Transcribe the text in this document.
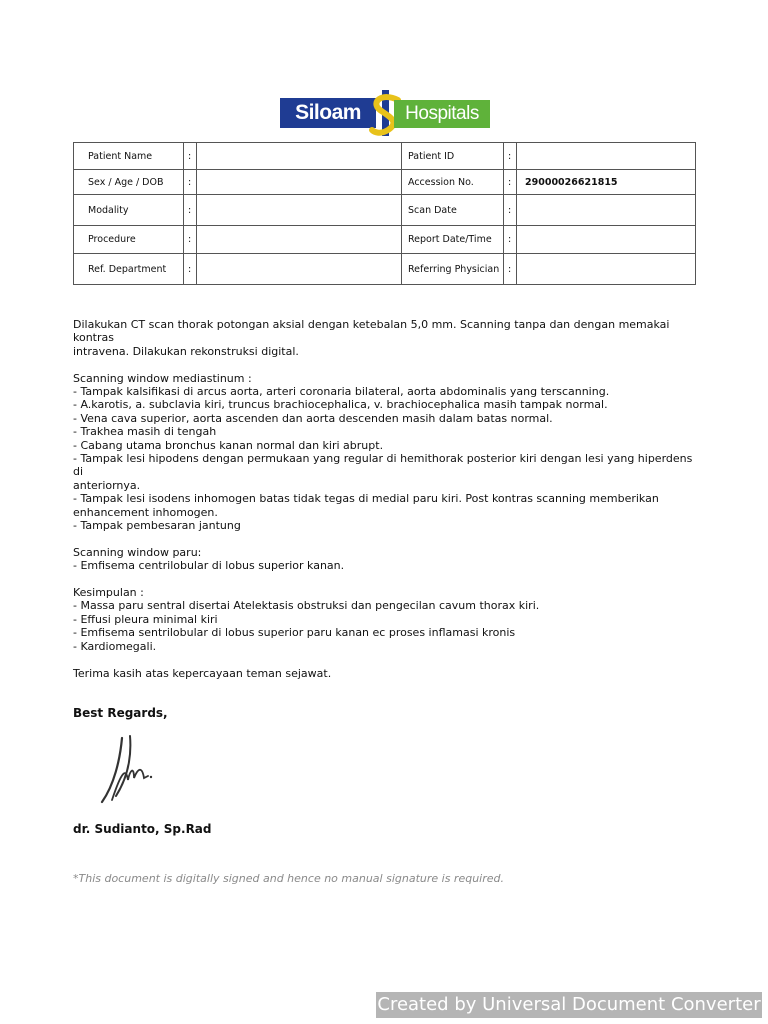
Siloam	Hospitals
Patient Name	:		Patient ID	:	
Sex / Age / DOB	:		Accession No.	:	29000026621815
Modality	:		Scan Date	:	
Procedure	:		Report Date/Time	:	
Ref. Department	:		Referring Physician	:	

Dilakukan CT scan thorak potongan aksial dengan ketebalan 5,0 mm. Scanning tanpa dan dengan memakai kontras
intravena. Dilakukan rekonstruksi digital.

Scanning window mediastinum :
- Tampak kalsifikasi di arcus aorta, arteri coronaria bilateral, aorta abdominalis yang terscanning.
- A.karotis, a. subclavia kiri, truncus brachiocephalica, v. brachiocephalica masih tampak normal.
- Vena cava superior, aorta ascenden dan aorta descenden masih dalam batas normal.
- Trakhea masih di tengah
- Cabang utama bronchus kanan normal dan kiri abrupt.
- Tampak lesi hipodens dengan permukaan yang regular di hemithorak posterior kiri dengan lesi yang hiperdens di
anteriornya.
- Tampak lesi isodens inhomogen batas tidak tegas di medial paru kiri. Post kontras scanning memberikan
enhancement inhomogen.
- Tampak pembesaran jantung

Scanning window paru:
- Emfisema centrilobular di lobus superior kanan.

Kesimpulan :
- Massa paru sentral disertai Atelektasis obstruksi dan pengecilan cavum thorax kiri.
- Effusi pleura minimal kiri
- Emfisema sentrilobular di lobus superior paru kanan ec proses inflamasi kronis
- Kardiomegali.

Terima kasih atas kepercayaan teman sejawat.

Best Regards,
dr. Sudianto, Sp.Rad
*This document is digitally signed and hence no manual signature is required.
Created by Universal Document Converter
